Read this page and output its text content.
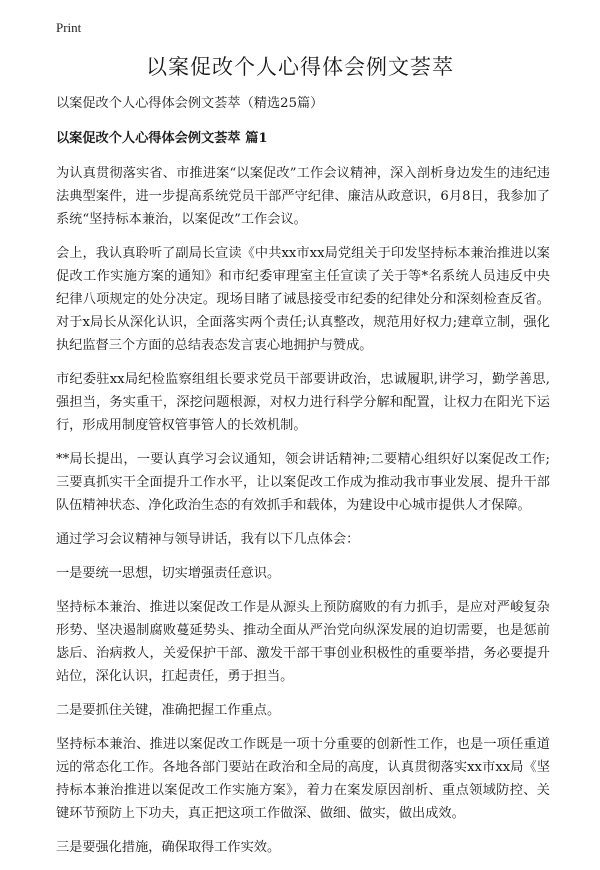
Print
以案促改个人心得体会例文荟萃

以案促改个人心得体会例文荟萃（精选25篇）

以案促改个人心得体会例文荟萃 篇1

为认真贯彻落实省、市推进案“以案促改”工作会议精神，深入剖析身边发生的违纪违法典型案件，进一步提高系统党员干部严守纪律、廉洁从政意识，6月8日，我参加了系统“坚持标本兼治，以案促改”工作会议。

会上，我认真聆听了副局长宣读《中共xx市xx局党组关于印发坚持标本兼治推进以案促改工作实施方案的通知》和市纪委审理室主任宣读了关于等*名系统人员违反中央纪律八项规定的处分决定。现场目睹了诫恳接受市纪委的纪律处分和深刻检查反省。对于x局长从深化认识，全面落实两个责任;认真整改，规范用好权力;建章立制，强化执纪监督三个方面的总结表态发言衷心地拥护与赞成。

市纪委驻xx局纪检监察组组长要求党员干部要讲政治，忠诚履职,讲学习，勤学善思,强担当，务实重干，深挖问题根源，对权力进行科学分解和配置，让权力在阳光下运行，形成用制度管权管事管人的长效机制。

**局长提出，一要认真学习会议通知，领会讲话精神;二要精心组织好以案促改工作;三要真抓实干全面提升工作水平，让以案促改工作成为推动我市事业发展、提升干部队伍精神状态、净化政治生态的有效抓手和载体，为建设中心城市提供人才保障。

通过学习会议精神与领导讲话，我有以下几点体会：

一是要统一思想，切实增强责任意识。

坚持标本兼治、推进以案促改工作是从源头上预防腐败的有力抓手，是应对严峻复杂形势、坚决遏制腐败蔓延势头、推动全面从严治党向纵深发展的迫切需要，也是惩前毖后、治病救人，关爱保护干部、激发干部干事创业积极性的重要举措，务必要提升站位，深化认识，扛起责任，勇于担当。

二是要抓住关键，准确把握工作重点。

坚持标本兼治、推进以案促改工作既是一项十分重要的创新性工作，也是一项任重道远的常态化工作。各地各部门要站在政治和全局的高度，认真贯彻落实xx市xx局《坚持标本兼治推进以案促改工作实施方案》，着力在案发原因剖析、重点领域防控、关键环节预防上下功夫，真正把这项工作做深、做细、做实，做出成效。

三是要强化措施，确保取得工作实效。
